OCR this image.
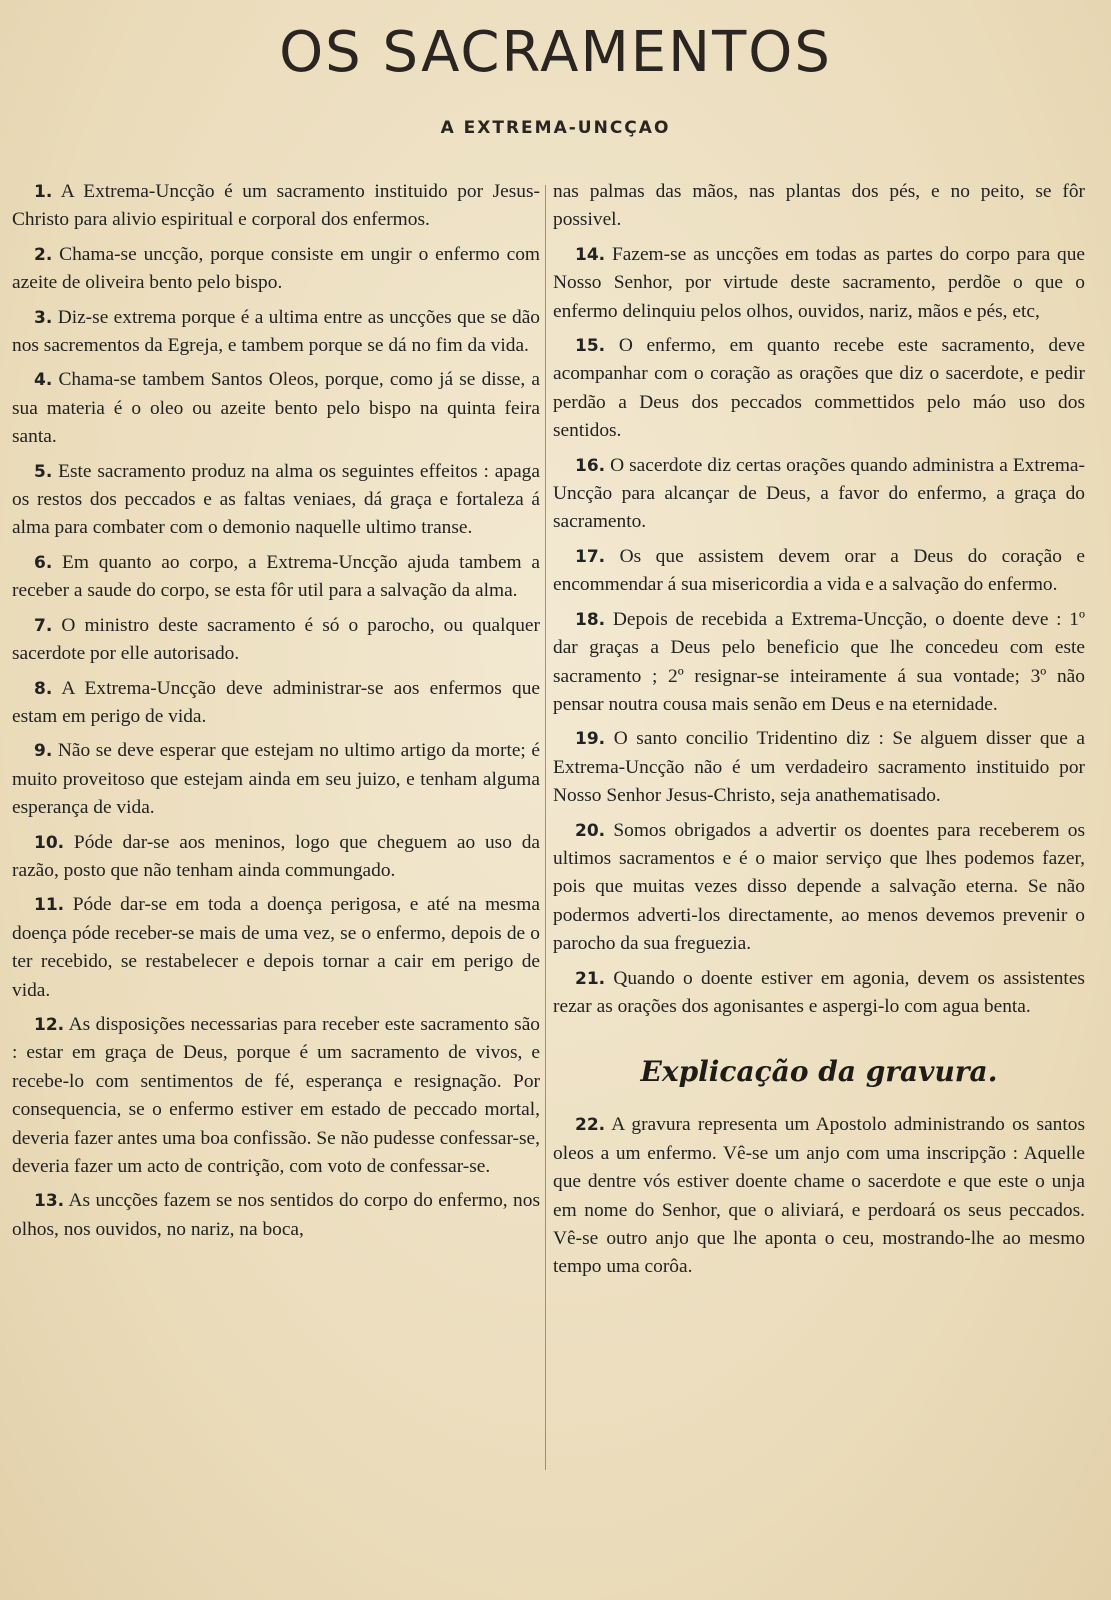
OS SACRAMENTOS
A EXTREMA-UNCÇAO

1. A Extrema-Uncção é um sacramento instituido por Jesus-Christo para alivio espiritual e corporal dos enfermos.

2. Chama-se uncção, porque consiste em ungir o enfermo com azeite de oliveira bento pelo bispo.

3. Diz-se extrema porque é a ultima entre as uncções que se dão nos sacrementos da Egreja, e tambem porque se dá no fim da vida.

4. Chama-se tambem Santos Oleos, porque, como já se disse, a sua materia é o oleo ou azeite bento pelo bispo na quinta feira santa.

5. Este sacramento produz na alma os seguintes effeitos : apaga os restos dos peccados e as faltas veniaes, dá graça e fortaleza á alma para combater com o demonio naquelle ultimo transe.

6. Em quanto ao corpo, a Extrema-Uncção ajuda tambem a receber a saude do corpo, se esta fôr util para a salvação da alma.

7. O ministro deste sacramento é só o parocho, ou qualquer sacerdote por elle autorisado.

8. A Extrema-Uncção deve administrar-se aos enfermos que estam em perigo de vida.

9. Não se deve esperar que estejam no ultimo artigo da morte; é muito proveitoso que estejam ainda em seu juizo, e tenham alguma esperança de vida.

10. Póde dar-se aos meninos, logo que cheguem ao uso da razão, posto que não tenham ainda commungado.

11. Póde dar-se em toda a doença perigosa, e até na mesma doença póde receber-se mais de uma vez, se o enfermo, depois de o ter recebido, se restabelecer e depois tornar a cair em perigo de vida.

12. As disposições necessarias para receber este sacramento são : estar em graça de Deus, porque é um sacramento de vivos, e recebe-lo com sentimentos de fé, esperança e resignação. Por consequencia, se o enfermo estiver em estado de peccado mortal, deveria fazer antes uma boa confissão. Se não pudesse confessar-se, deveria fazer um acto de contrição, com voto de confessar-se.

13. As uncções fazem se nos sentidos do corpo do enfermo, nos olhos, nos ouvidos, no nariz, na boca,

nas palmas das mãos, nas plantas dos pés, e no peito, se fôr possivel.

14. Fazem-se as uncções em todas as partes do corpo para que Nosso Senhor, por virtude deste sacramento, perdõe o que o enfermo delinquiu pelos olhos, ouvidos, nariz, mãos e pés, etc,

15. O enfermo, em quanto recebe este sacramento, deve acompanhar com o coração as orações que diz o sacerdote, e pedir perdão a Deus dos peccados commettidos pelo máo uso dos sentidos.

16. O sacerdote diz certas orações quando administra a Extrema-Uncção para alcançar de Deus, a favor do enfermo, a graça do sacramento.

17. Os que assistem devem orar a Deus do coração e encommendar á sua misericordia a vida e a salvação do enfermo.

18. Depois de recebida a Extrema-Uncção, o doente deve : 1º dar graças a Deus pelo beneficio que lhe concedeu com este sacramento ; 2º resignar-se inteiramente á sua vontade; 3º não pensar noutra cousa mais senão em Deus e na eternidade.

19. O santo concilio Tridentino diz : Se alguem disser que a Extrema-Uncção não é um verdadeiro sacramento instituido por Nosso Senhor Jesus-Christo, seja anathematisado.

20. Somos obrigados a advertir os doentes para receberem os ultimos sacramentos e é o maior serviço que lhes podemos fazer, pois que muitas vezes disso depende a salvação eterna. Se não podermos adverti-los directamente, ao menos devemos prevenir o parocho da sua freguezia.

21. Quando o doente estiver em agonia, devem os assistentes rezar as orações dos agonisantes e aspergi-lo com agua benta.

Explicação da gravura.

22. A gravura representa um Apostolo administrando os santos oleos a um enfermo. Vê-se um anjo com uma inscripção : Aquelle que dentre vós estiver doente chame o sacerdote e que este o unja em nome do Senhor, que o aliviará, e perdoará os seus peccados. Vê-se outro anjo que lhe aponta o ceu, mostrando-lhe ao mesmo tempo uma corôa.
